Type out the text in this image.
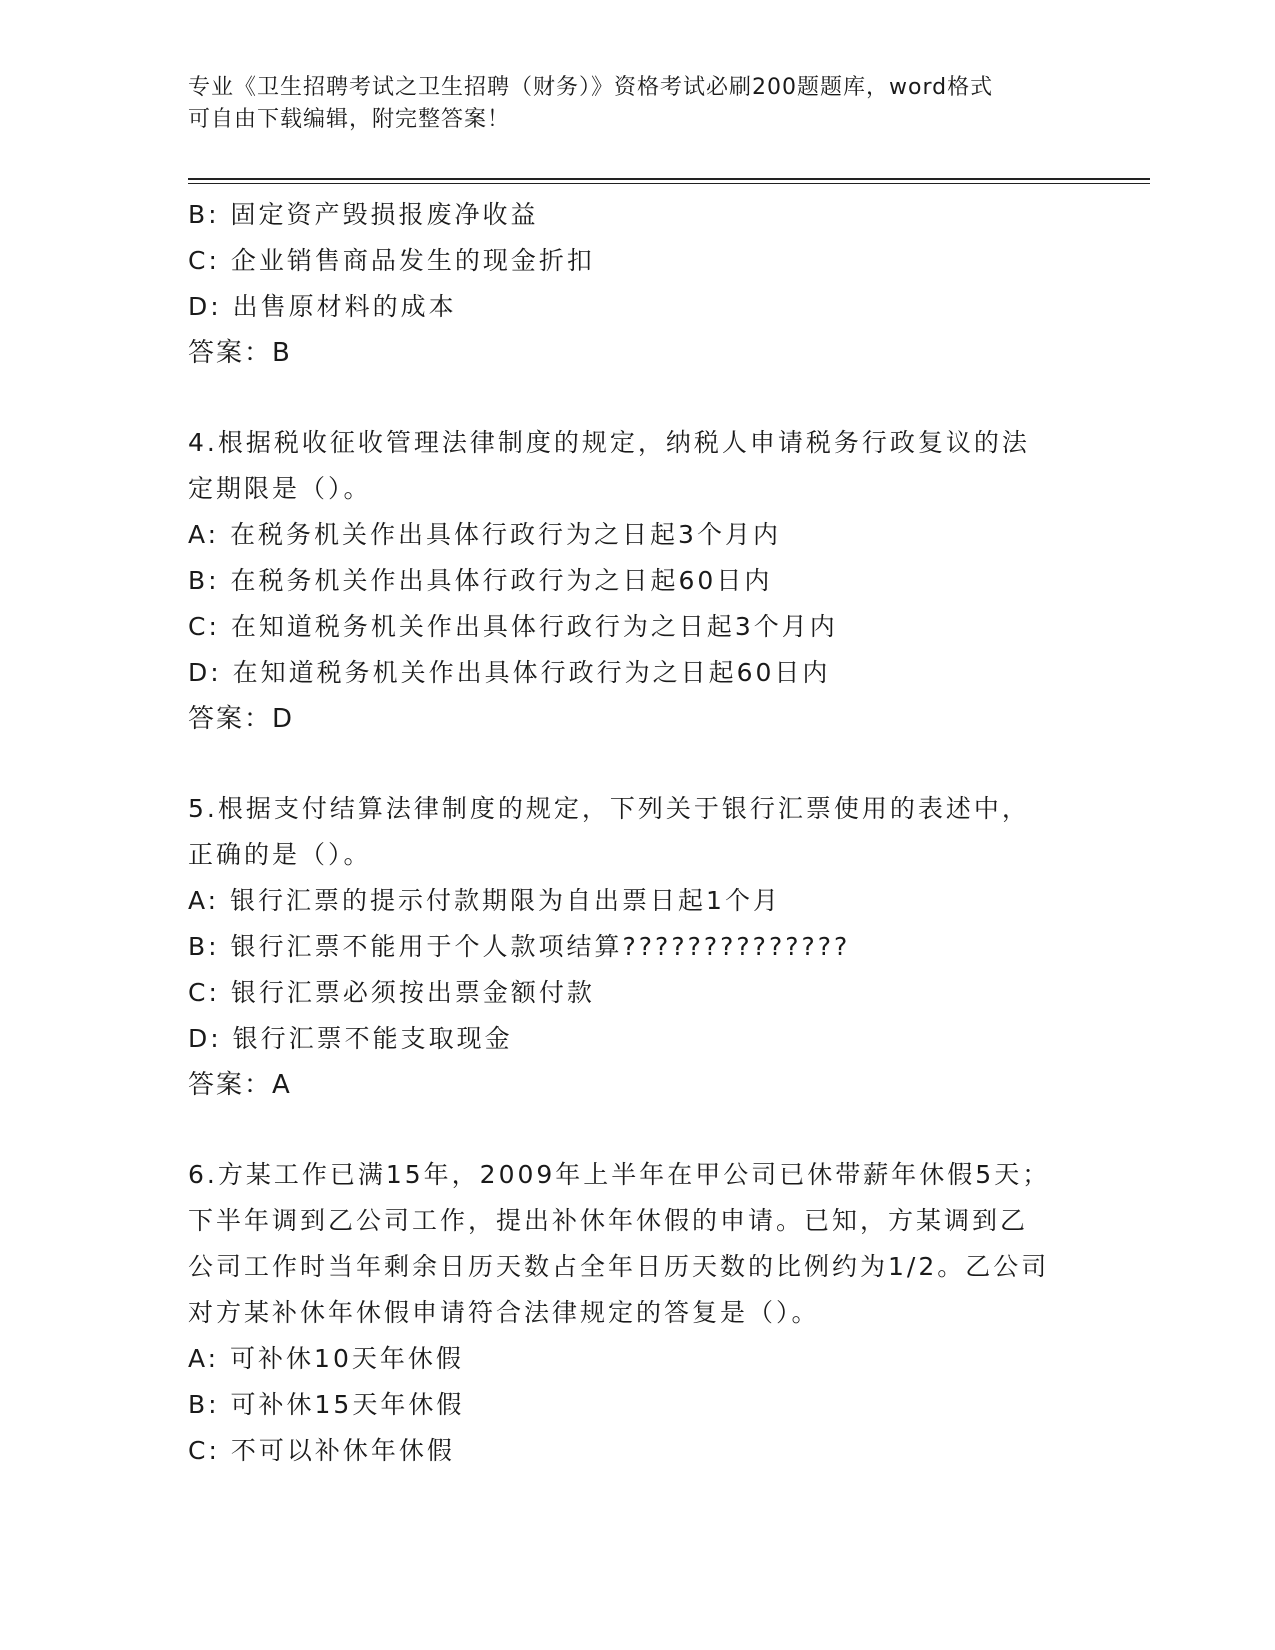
专业《卫生招聘考试之卫生招聘（财务）》资格考试必刷200题题库，word格式
可自由下载编辑，附完整答案！
B: 固定资产毁损报废净收益
C: 企业销售商品发生的现金折扣
D: 出售原材料的成本
答案：B
4.根据税收征收管理法律制度的规定，纳税人申请税务行政复议的法
定期限是（）。
A: 在税务机关作出具体行政行为之日起3个月内
B: 在税务机关作出具体行政行为之日起60日内
C: 在知道税务机关作出具体行政行为之日起3个月内
D: 在知道税务机关作出具体行政行为之日起60日内
答案：D
5.根据支付结算法律制度的规定，下列关于银行汇票使用的表述中，
正确的是（）。
A: 银行汇票的提示付款期限为自出票日起1个月
B: 银行汇票不能用于个人款项结算??????????????
C: 银行汇票必须按出票金额付款
D: 银行汇票不能支取现金
答案：A
6.方某工作已满15年，2009年上半年在甲公司已休带薪年休假5天；
下半年调到乙公司工作，提出补休年休假的申请。已知，方某调到乙
公司工作时当年剩余日历天数占全年日历天数的比例约为1/2。乙公司
对方某补休年休假申请符合法律规定的答复是（）。
A: 可补休10天年休假
B: 可补休15天年休假
C: 不可以补休年休假
